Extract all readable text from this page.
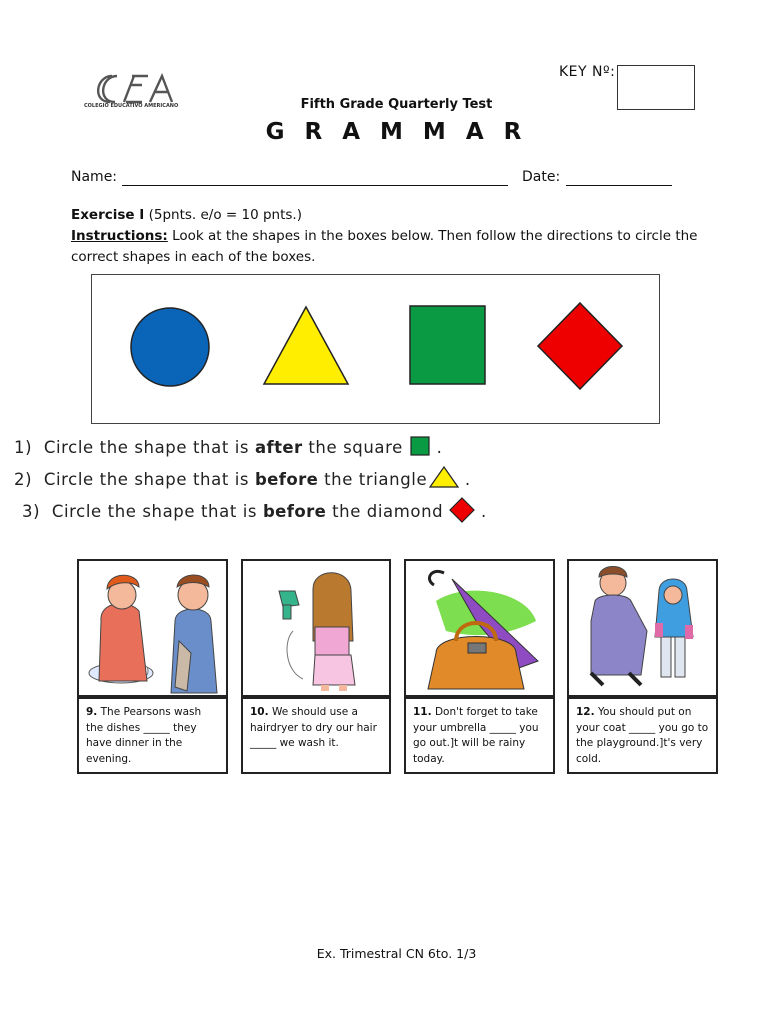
COLEGIO EDUCATIVO AMERICANO
KEY Nº:
Fifth Grade Quarterly Test
G R A M M A R
Name:	Date:
Exercise I (5pnts. e/o = 10 pnts.)
Instructions: Look at the shapes in the boxes below. Then follow the directions to circle the correct shapes in each of the boxes.
1) Circle the shape that is after the square  .
2) Circle the shape that is before the triangle  .
3) Circle the shape that is before the diamond  .
9. The Pearsons wash the dishes _____ they have dinner in the evening.
10. We should use a hairdryer to dry our hair _____ we wash it.
11. Don't forget to take your umbrella _____ you go out.]t will be rainy today.
12. You should put on your coat _____ you go to the playground.]t's very cold.
Ex. Trimestral CN 6to. 1/3
